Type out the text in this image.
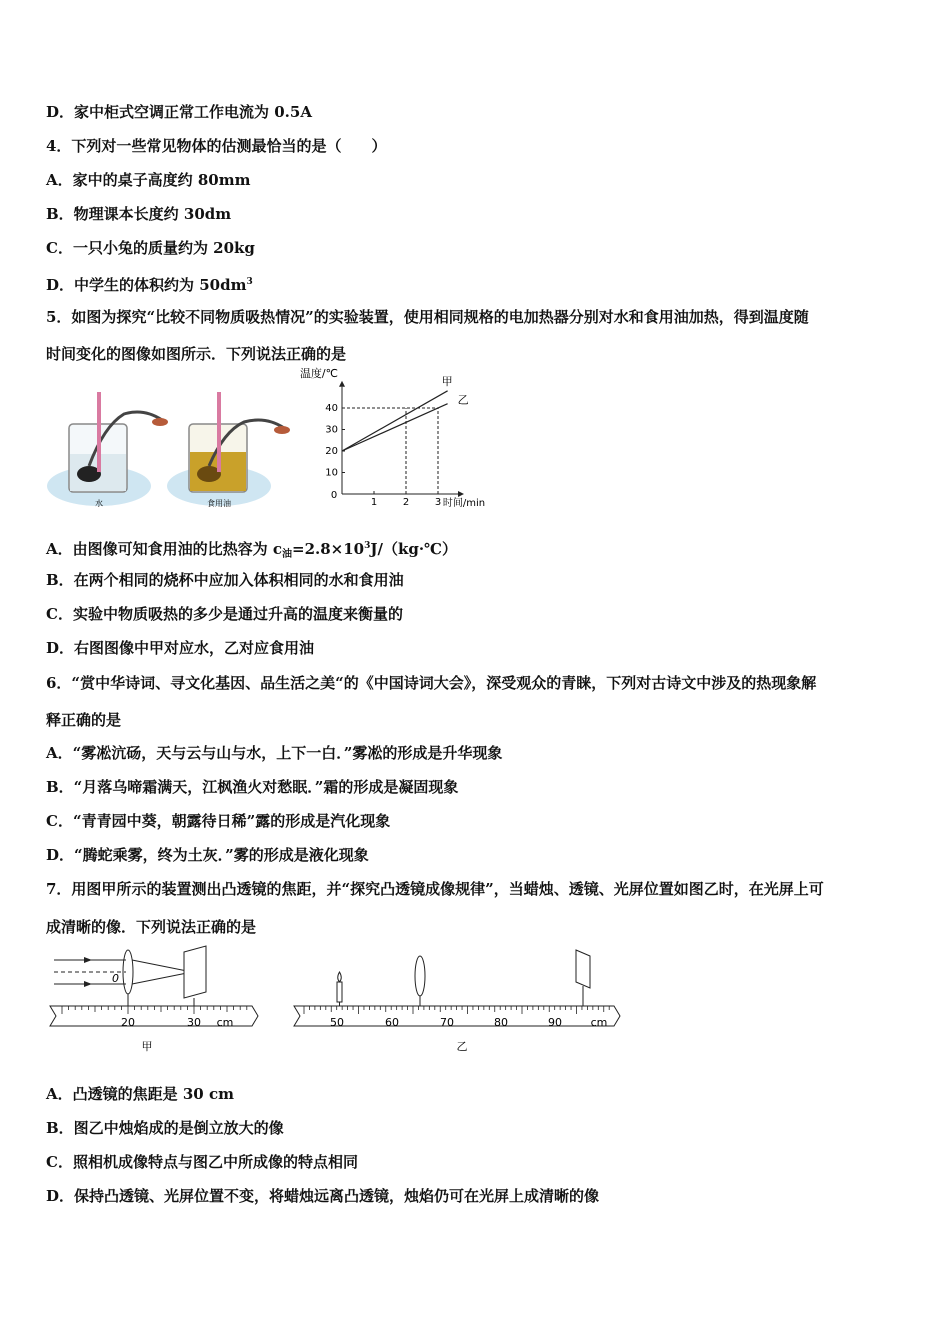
D．家中柜式空调正常工作电流为 0.5A
4．下列对一些常见物体的估测最恰当的是（　　）
A．家中的桌子高度约 80mm
B．物理课本长度约 30dm
C．一只小兔的质量约为 20kg
D．中学生的体积约为 $50dm^3$
5．如图为探究“比较不同物质吸热情况”的实验装置，使用相同规格的电加热器分别对水和食用油加热，得到温度随
时间变化的图像如图所示．下列说法正确的是
水	食用油
温度/℃
时间/min
0
1	2	3
10
20
30
40
甲
乙
A．由图像可知食用油的比热容为 $c_油=2.8\times 10^3J/(kg\cdot℃)$
B．在两个相同的烧杯中应加入体积相同的水和食用油
C．实验中物质吸热的多少是通过升高的温度来衡量的
D．右图图像中甲对应水，乙对应食用油
6．“赏中华诗词、寻文化基因、品生活之美“的《中国诗词大会》，深受观众的青睐，下列对古诗文中涉及的热现象解
释正确的是
A．“雾凇沆砀，天与云与山与水，上下一白．”雾凇的形成是升华现象
B．“月落乌啼霜满天，江枫渔火对愁眠．”霜的形成是凝固现象
C．“青青园中葵，朝露待日稀”露的形成是汽化现象
D．“腾蛇乘雾，终为土灰．”雾的形成是液化现象
7．用图甲所示的装置测出凸透镜的焦距，并“探究凸透镜成像规律”，当蜡烛、透镜、光屏位置如图乙时，在光屏上可
成清晰的像．下列说法正确的是
0
20	30 cm
甲
50	60	70	80	90	cm
乙
A．凸透镜的焦距是 30 cm
B．图乙中烛焰成的是倒立放大的像
C．照相机成像特点与图乙中所成像的特点相同
D．保持凸透镜、光屏位置不变，将蜡烛远离凸透镜，烛焰仍可在光屏上成清晰的像
